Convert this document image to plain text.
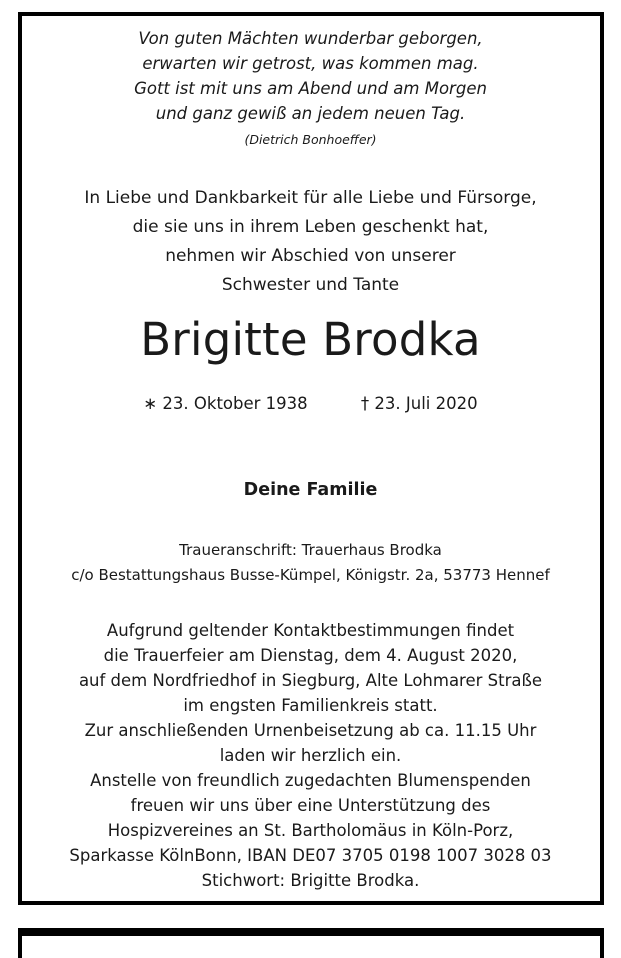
Von guten Mächten wunderbar geborgen,
erwarten wir getrost, was kommen mag.
Gott ist mit uns am Abend und am Morgen
und ganz gewiß an jedem neuen Tag.
(Dietrich Bonhoeffer)
In Liebe und Dankbarkeit für alle Liebe und Fürsorge,
die sie uns in ihrem Leben geschenkt hat,
nehmen wir Abschied von unserer
Schwester und Tante
Brigitte Brodka
∗ 23. Oktober 1938	† 23. Juli 2020
Deine Familie
Traueranschrift: Trauerhaus Brodka
c/o Bestattungshaus Busse-Kümpel, Königstr. 2a, 53773 Hennef
Aufgrund geltender Kontaktbestimmungen findet
die Trauerfeier am Dienstag, dem 4. August 2020,
auf dem Nordfriedhof in Siegburg, Alte Lohmarer Straße
im engsten Familienkreis statt.
Zur anschließenden Urnenbeisetzung ab ca. 11.15 Uhr
laden wir herzlich ein.
Anstelle von freundlich zugedachten Blumenspenden
freuen wir uns über eine Unterstützung des
Hospizvereines an St. Bartholomäus in Köln-Porz,
Sparkasse KölnBonn, IBAN DE07 3705 0198 1007 3028 03
Stichwort: Brigitte Brodka.
